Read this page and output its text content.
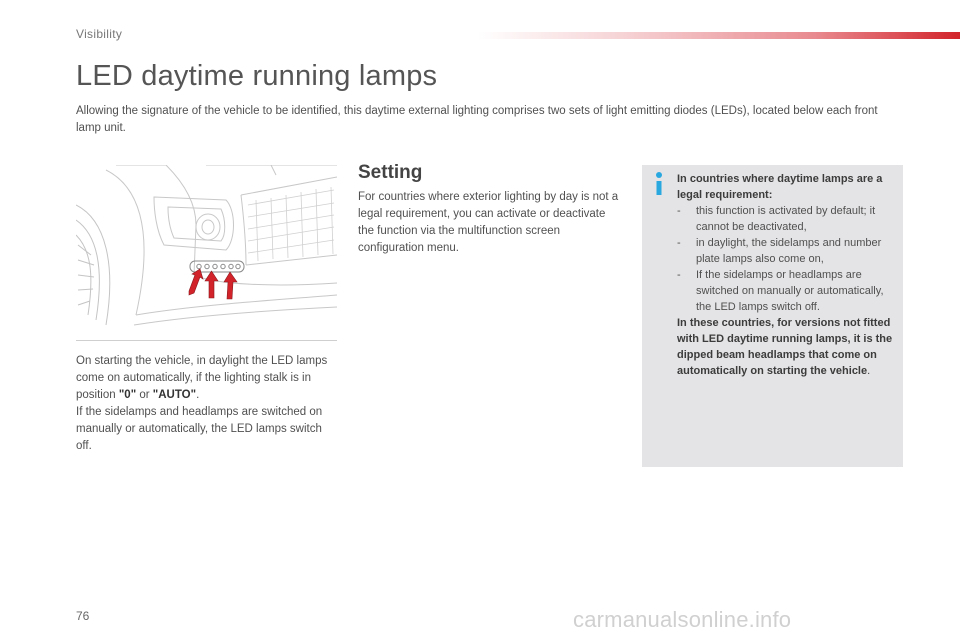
Visibility
LED daytime running lamps

Allowing the signature of the vehicle to be identified, this daytime external lighting comprises two sets of light emitting diodes (LEDs), located below each front lamp unit.

On starting the vehicle, in daylight the LED lamps come on automatically, if the lighting stalk is in position "0" or "AUTO".
If the sidelamps and headlamps are switched on manually or automatically, the LED lamps switch off.

Setting

For countries where exterior lighting by day is not a legal requirement, you can activate or deactivate the function via the multifunction screen configuration menu.

In countries where daytime lamps are a legal requirement:

- this function is activated by default; it cannot be deactivated,
- in daylight, the sidelamps and number plate lamps also come on,
- If the sidelamps or headlamps are switched on manually or automatically, the LED lamps switch off.

In these countries, for versions not fitted with LED daytime running lamps, it is the dipped beam headlamps that come on automatically on starting the vehicle.

76	carmanualsonline.info
